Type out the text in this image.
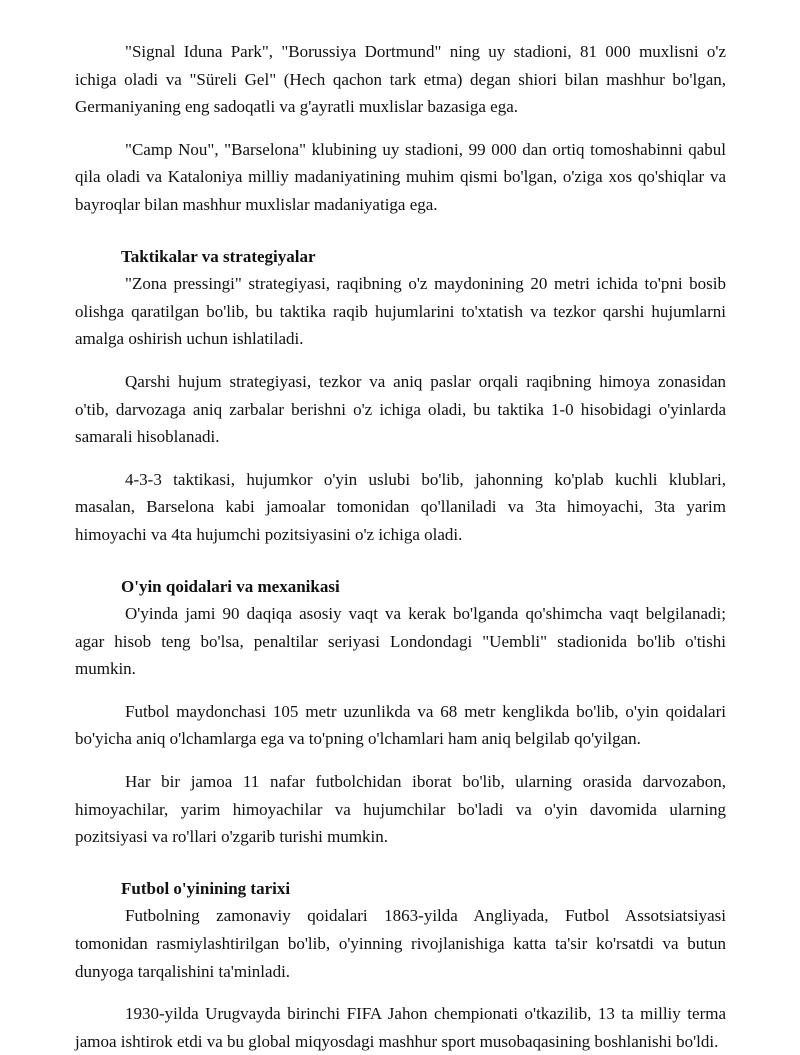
"Signal Iduna Park", "Borussiya Dortmund" ning uy stadioni, 81 000 muxlisni o'z ichiga oladi va "Süreli Gel" (Hech qachon tark etma) degan shiori bilan mashhur bo'lgan, Germaniyaning eng sadoqatli va g'ayratli muxlislar bazasiga ega.

"Camp Nou", "Barselona" klubining uy stadioni, 99 000 dan ortiq tomoshabinni qabul qila oladi va Kataloniya milliy madaniyatining muhim qismi bo'lgan, o'ziga xos qo'shiqlar va bayroqlar bilan mashhur muxlislar madaniyatiga ega.

Taktikalar va strategiyalar

"Zona pressingi" strategiyasi, raqibning o'z maydonining 20 metri ichida to'pni bosib olishga qaratilgan bo'lib, bu taktika raqib hujumlarini to'xtatish va tezkor qarshi hujumlarni amalga oshirish uchun ishlatiladi.

Qarshi hujum strategiyasi, tezkor va aniq paslar orqali raqibning himoya zonasidan o'tib, darvozaga aniq zarbalar berishni o'z ichiga oladi, bu taktika 1-0 hisobidagi o'yinlarda samarali hisoblanadi.

4-3-3 taktikasi, hujumkor o'yin uslubi bo'lib, jahonning ko'plab kuchli klublari, masalan, Barselona kabi jamoalar tomonidan qo'llaniladi va 3ta himoyachi, 3ta yarim himoyachi va 4ta hujumchi pozitsiyasini o'z ichiga oladi.

O'yin qoidalari va mexanikasi

O'yinda jami 90 daqiqa asosiy vaqt va kerak bo'lganda qo'shimcha vaqt belgilanadi; agar hisob teng bo'lsa, penaltilar seriyasi Londondagi "Uembli" stadionida bo'lib o'tishi mumkin.

Futbol maydonchasi 105 metr uzunlikda va 68 metr kenglikda bo'lib, o'yin qoidalari bo'yicha aniq o'lchamlarga ega va to'pning o'lchamlari ham aniq belgilab qo'yilgan.

Har bir jamoa 11 nafar futbolchidan iborat bo'lib, ularning orasida darvozabon, himoyachilar, yarim himoyachilar va hujumchilar bo'ladi va o'yin davomida ularning pozitsiyasi va ro'llari o'zgarib turishi mumkin.

Futbol o'yinining tarixi

Futbolning zamonaviy qoidalari 1863-yilda Angliyada, Futbol Assotsiatsiyasi tomonidan rasmiylashtirilgan bo'lib, o'yinning rivojlanishiga katta ta'sir ko'rsatdi va butun dunyoga tarqalishini ta'minladi.

1930-yilda Urugvayda birinchi FIFA Jahon chempionati o'tkazilib, 13 ta milliy terma jamoa ishtirok etdi va bu global miqyosdagi mashhur sport musobaqasining boshlanishi bo'ldi.
